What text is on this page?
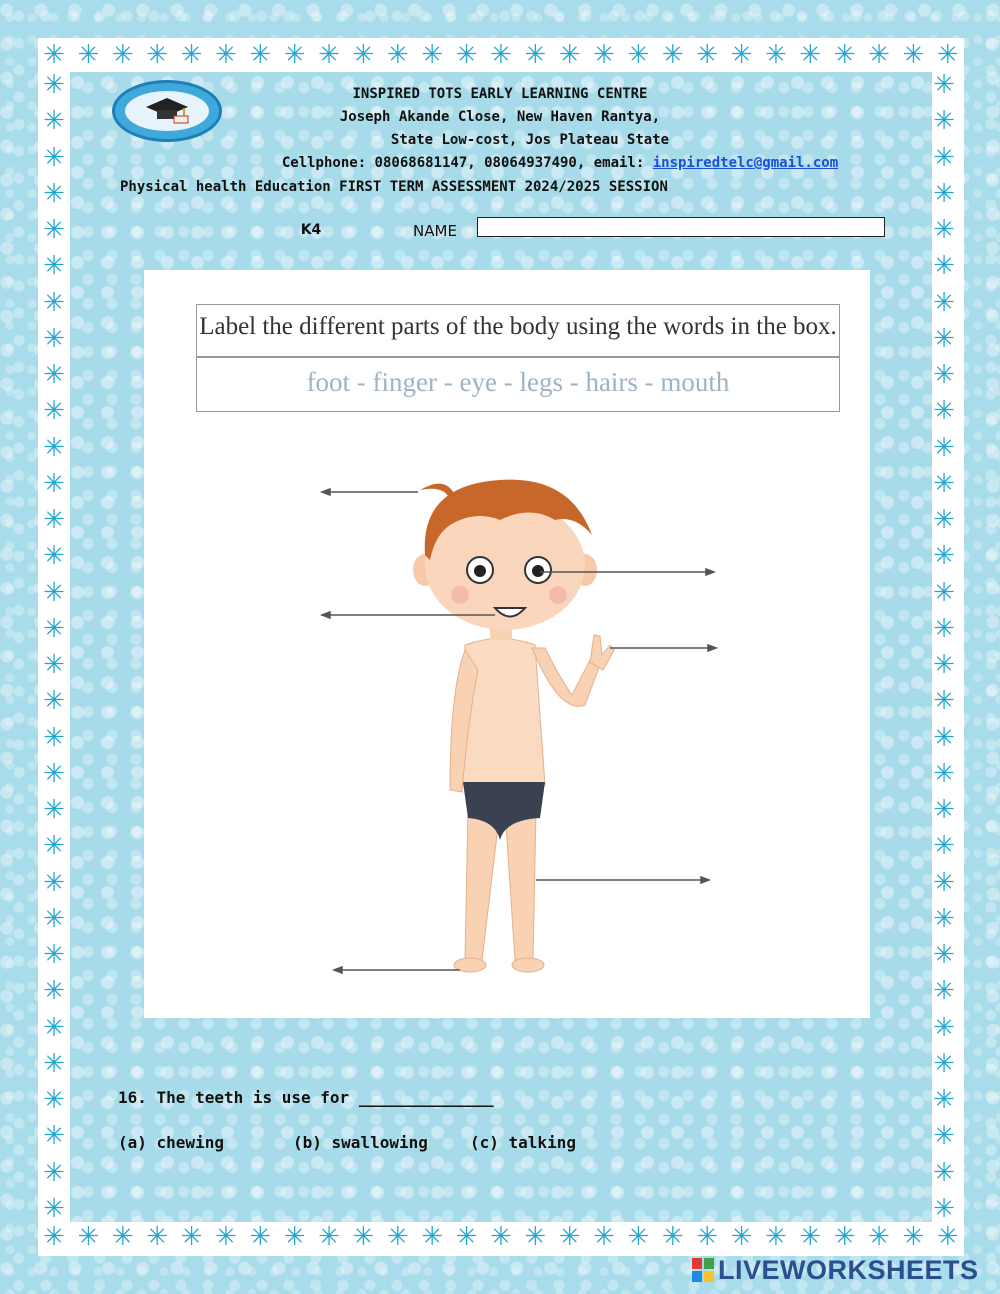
✳ ✳ ✳ ✳ ✳ ✳ ✳ ✳ ✳ ✳ ✳ ✳ ✳ ✳ ✳ ✳ ✳ ✳ ✳ ✳ ✳ ✳ ✳ ✳ ✳ ✳ ✳
✳ ✳ ✳ ✳ ✳ ✳ ✳ ✳ ✳ ✳ ✳ ✳ ✳ ✳ ✳ ✳ ✳ ✳ ✳ ✳ ✳ ✳ ✳ ✳ ✳ ✳ ✳
✳
✳
✳
✳
✳
✳
✳
✳
✳
✳
✳
✳
✳
✳
✳
✳
✳
✳
✳
✳
✳
✳
✳
✳
✳
✳
✳
✳
✳
✳
✳
✳
✳
✳
✳
✳
✳
✳
✳
✳
✳
✳
✳
✳
✳
✳
✳
✳
✳
✳
✳
✳
✳
✳
✳
✳
✳
✳
✳
✳
✳
✳
✳
✳
INSPIRED TOTS EARLY LEARNING CENTRE
Joseph Akande Close, New Haven Rantya,
State Low-cost, Jos Plateau State
Cellphone: 08068681147, 08064937490, email: inspiredtelc@gmail.com
Physical health Education FIRST TERM ASSESSMENT 2024/2025 SESSION
K4	NAME
Label the different parts of the body using the words in the box.
foot - finger - eye - legs - hairs - mouth
16. The teeth is use for ______________
(a) chewing	(b) swallowing	(c) talking
LIVEWORKSHEETS
